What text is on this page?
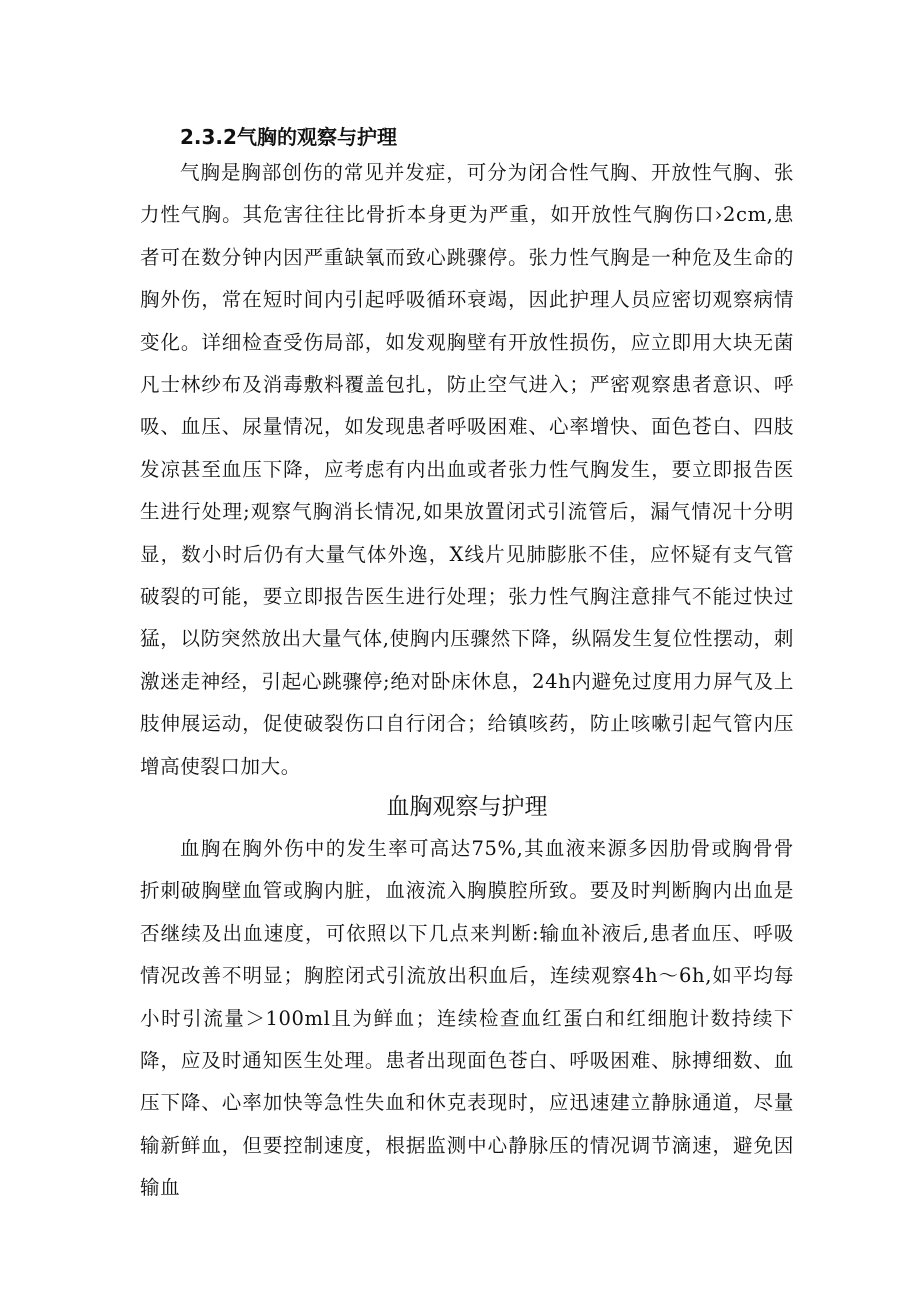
2.3.2气胸的观察与护理

气胸是胸部创伤的常见并发症，可分为闭合性气胸、开放性气胸、张力性气胸。其危害往往比骨折本身更为严重，如开放性气胸伤口›2cm,患者可在数分钟内因严重缺氧而致心跳骤停。张力性气胸是一种危及生命的胸外伤，常在短时间内引起呼吸循环衰竭，因此护理人员应密切观察病情变化。详细检查受伤局部，如发观胸壁有开放性损伤，应立即用大块无菌凡士林纱布及消毒敷料覆盖包扎，防止空气进入；严密观察患者意识、呼吸、血压、尿量情况，如发现患者呼吸困难、心率增快、面色苍白、四肢发凉甚至血压下降，应考虑有内出血或者张力性气胸发生，要立即报告医生进行处理;观察气胸消长情况,如果放置闭式引流管后，漏气情况十分明显，数小时后仍有大量气体外逸，X线片见肺膨胀不佳，应怀疑有支气管破裂的可能，要立即报告医生进行处理；张力性气胸注意排气不能过快过猛，以防突然放出大量气体,使胸内压骤然下降，纵隔发生复位性摆动，刺激迷走神经，引起心跳骤停;绝对卧床休息，24h内避免过度用力屏气及上肢伸展运动，促使破裂伤口自行闭合；给镇咳药，防止咳嗽引起气管内压增高使裂口加大。

血胸观察与护理

血胸在胸外伤中的发生率可高达75%,其血液来源多因肋骨或胸骨骨折刺破胸壁血管或胸内脏，血液流入胸膜腔所致。要及时判断胸内出血是否继续及出血速度，可依照以下几点来判断:输血补液后,患者血压、呼吸情况改善不明显；胸腔闭式引流放出积血后，连续观察4h～6h,如平均每小时引流量＞100ml且为鲜血；连续检查血红蛋白和红细胞计数持续下降，应及时通知医生处理。患者出现面色苍白、呼吸困难、脉搏细数、血压下降、心率加快等急性失血和休克表现时，应迅速建立静脉通道，尽量输新鲜血，但要控制速度，根据监测中心静脉压的情况调节滴速，避免因输血
